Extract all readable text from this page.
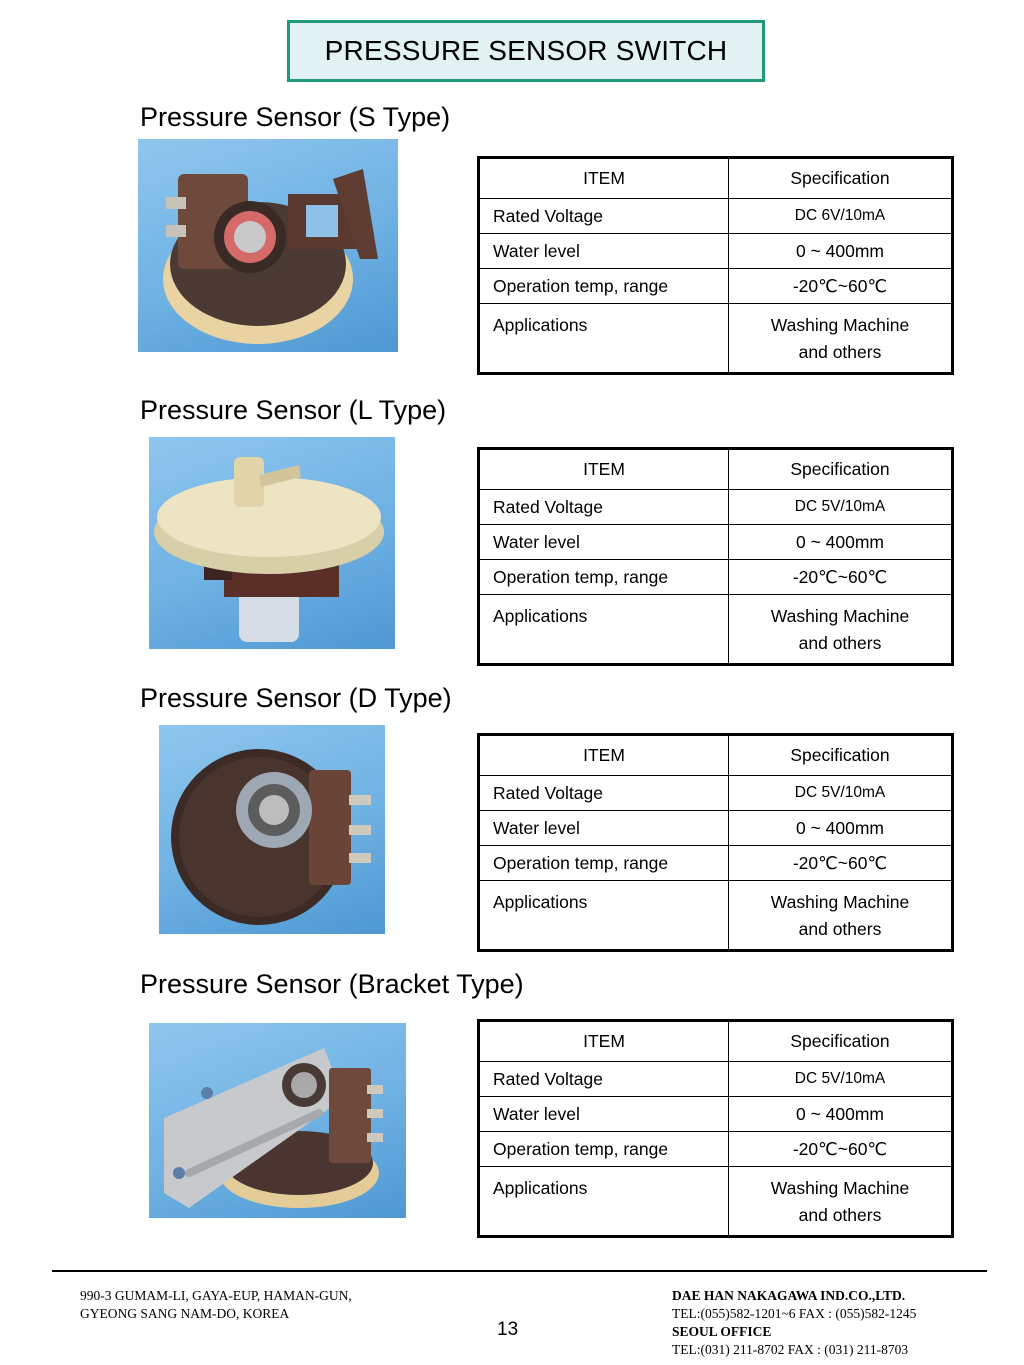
PRESSURE SENSOR SWITCH
Pressure Sensor (S Type)
ITEM	Specification
Rated Voltage	DC 6V/10mA
Water level	0 ~ 400mm
Operation temp, range	-20℃~60℃
Applications	Washing Machine
and others
Pressure Sensor (L Type)
ITEM	Specification
Rated Voltage	DC 5V/10mA
Water level	0 ~ 400mm
Operation temp, range	-20℃~60℃
Applications	Washing Machine
and others
Pressure Sensor (D Type)
ITEM	Specification
Rated Voltage	DC 5V/10mA
Water level	0 ~ 400mm
Operation temp, range	-20℃~60℃
Applications	Washing Machine
and others
Pressure Sensor (Bracket Type)
ITEM	Specification
Rated Voltage	DC 5V/10mA
Water level	0 ~ 400mm
Operation temp, range	-20℃~60℃
Applications	Washing Machine
and others
990-3 GUMAM-LI, GAYA-EUP, HAMAN-GUN,
GYEONG SANG NAM-DO, KOREA
13
DAE HAN NAKAGAWA IND.CO.,LTD.
TEL:(055)582-1201~6 FAX : (055)582-1245
SEOUL OFFICE
TEL:(031) 211-8702 FAX : (031) 211-8703
